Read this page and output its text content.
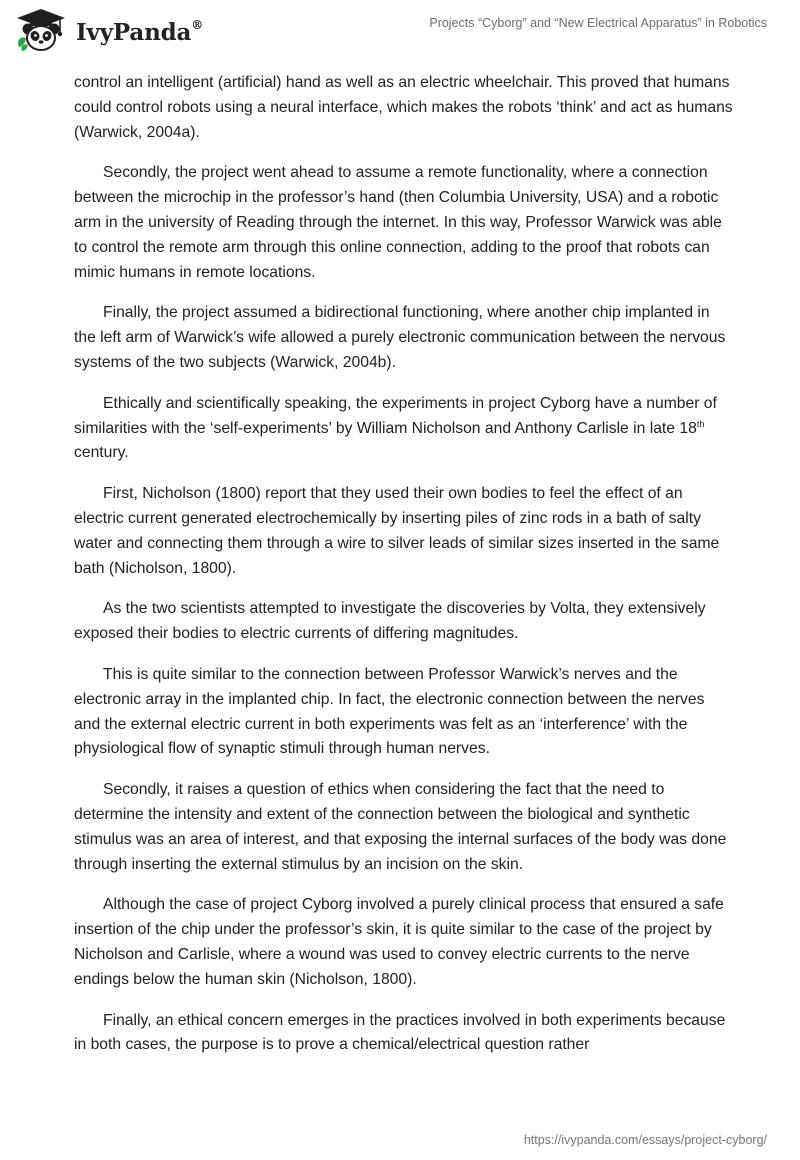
IvyPanda®	Projects “Cyborg” and “New Electrical Apparatus” in Robotics

control an intelligent (artificial) hand as well as an electric wheelchair. This proved that humans could control robots using a neural interface, which makes the robots ‘think’ and act as humans (Warwick, 2004a).

Secondly, the project went ahead to assume a remote functionality, where a connection between the microchip in the professor’s hand (then Columbia University, USA) and a robotic arm in the university of Reading through the internet. In this way, Professor Warwick was able to control the remote arm through this online connection, adding to the proof that robots can mimic humans in remote locations.

Finally, the project assumed a bidirectional functioning, where another chip implanted in the left arm of Warwick’s wife allowed a purely electronic communication between the nervous systems of the two subjects (Warwick, 2004b).

Ethically and scientifically speaking, the experiments in project Cyborg have a number of similarities with the ‘self-experiments’ by William Nicholson and Anthony Carlisle in late 18th century.

First, Nicholson (1800) report that they used their own bodies to feel the effect of an electric current generated electrochemically by inserting piles of zinc rods in a bath of salty water and connecting them through a wire to silver leads of similar sizes inserted in the same bath (Nicholson, 1800).

As the two scientists attempted to investigate the discoveries by Volta, they extensively exposed their bodies to electric currents of differing magnitudes.

This is quite similar to the connection between Professor Warwick’s nerves and the electronic array in the implanted chip. In fact, the electronic connection between the nerves and the external electric current in both experiments was felt as an ‘interference’ with the physiological flow of synaptic stimuli through human nerves.

Secondly, it raises a question of ethics when considering the fact that the need to determine the intensity and extent of the connection between the biological and synthetic stimulus was an area of interest, and that exposing the internal surfaces of the body was done through inserting the external stimulus by an incision on the skin.

Although the case of project Cyborg involved a purely clinical process that ensured a safe insertion of the chip under the professor’s skin, it is quite similar to the case of the project by Nicholson and Carlisle, where a wound was used to convey electric currents to the nerve endings below the human skin (Nicholson, 1800).

Finally, an ethical concern emerges in the practices involved in both experiments because in both cases, the purpose is to prove a chemical/electrical question rather

https://ivypanda.com/essays/project-cyborg/
